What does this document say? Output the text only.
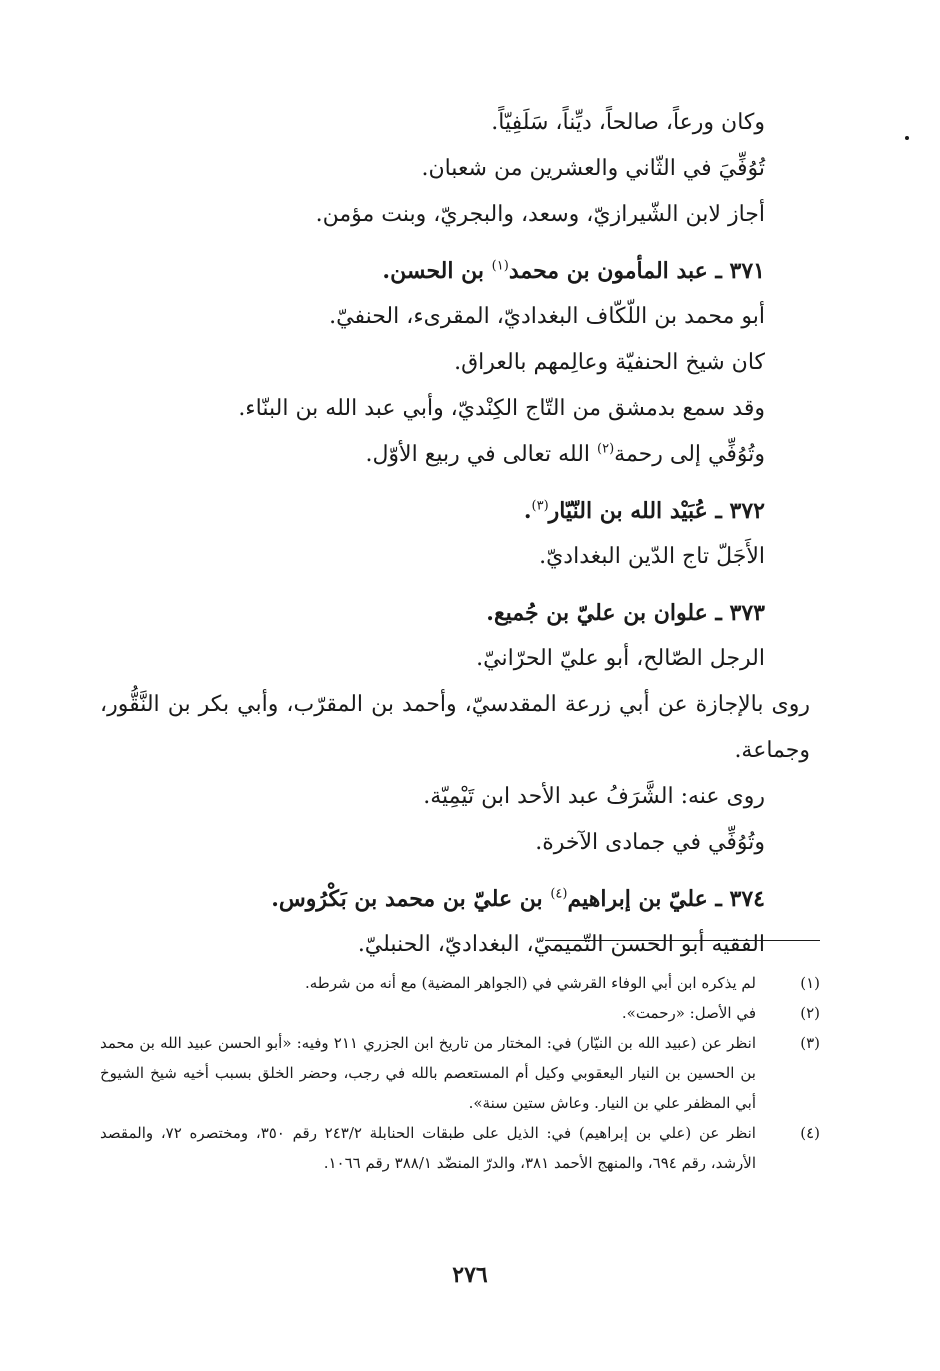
وكان ورعاً، صالحاً، ديِّناً، سَلَفِيّاً.
تُوُفِّيَ في الثّاني والعشرين من شعبان.
أجاز لابن الشّيرازيّ، وسعد، والبجريّ، وبنت مؤمن.
٣٧١ ـ عبد المأمون بن محمد$^{(١)}$ بن الحسن.
أبو محمد بن اللّكّاف البغداديّ، المقرىء، الحنفيّ.
كان شيخ الحنفيّة وعالِمهم بالعراق.
وقد سمع بدمشق من التّاج الكِنْديّ، وأبي عبد الله بن البنّاء.
وتُوُفِّي إلى رحمة$^{(٢)}$ الله تعالى في ربيع الأوّل.
٣٧٢ ـ عُبَيْد الله بن النّيّار$^{(٣)}$.
الأَجَلّ تاج الدّين البغداديّ.
٣٧٣ ـ علوان بن عليّ بن جُميع.
الرجل الصّالح، أبو عليّ الحرّانيّ.
روى بالإجازة عن أبي زرعة المقدسيّ، وأحمد بن المقرّب، وأبي بكر بن النَّقُّور، وجماعة.
روى عنه: الشَّرَفُ عبد الأحد ابن تَيْمِيّة.
وتُوُفِّي في جمادى الآخرة.
٣٧٤ ـ عليّ بن إبراهيم$^{(٤)}$ بن عليّ بن محمد بن بَكْرُوس.
الفقيه أبو الحسن التّميميّ، البغداديّ، الحنبليّ.
(١)
لم يذكره ابن أبي الوفاء القرشي في (الجواهر المضية) مع أنه من شرطه.
(٢)
في الأصل: «رحمت».
(٣)
انظر عن (عبيد الله بن النيّار) في: المختار من تاريخ ابن الجزري ٢١١ وفيه: «أبو الحسن عبيد الله بن محمد بن الحسين بن النيار اليعقوبي وكيل أم المستعصم بالله في رجب، وحضر الخلق بسبب أخيه شيخ الشيوخ أبي المظفر علي بن النيار. وعاش ستين سنة».
(٤)
انظر عن (علي بن إبراهيم) في: الذيل على طبقات الحنابلة ٢٤٣/٢ رقم ٣٥٠، ومختصره ٧٢، والمقصد الأرشد، رقم ٦٩٤، والمنهج الأحمد ٣٨١، والدرّ المنضّد ٣٨٨/١ رقم ١٠٦٦.
٢٧٦
